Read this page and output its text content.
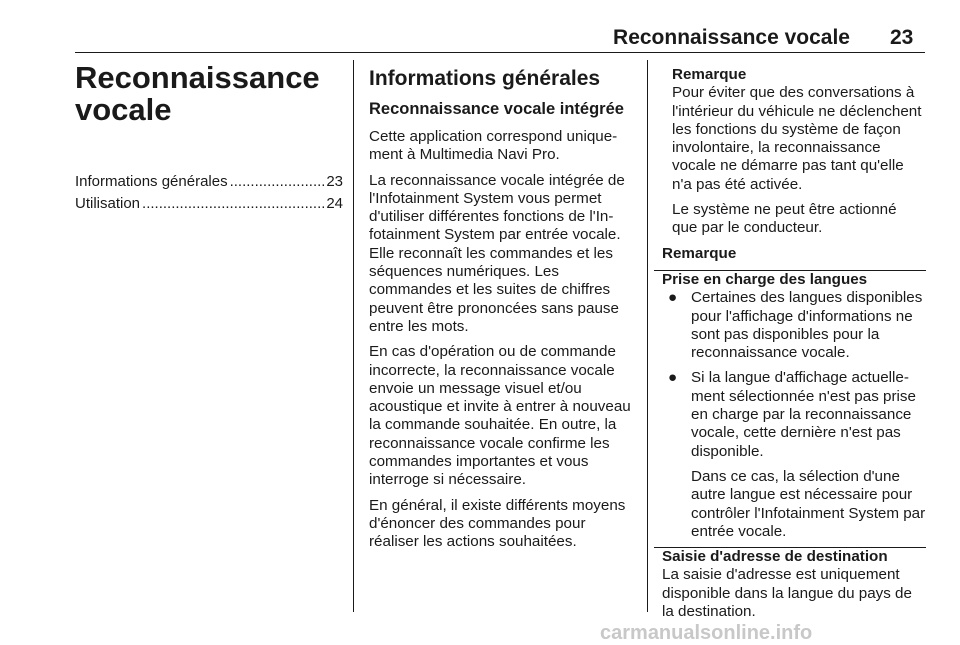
Reconnaissance vocale 23
Reconnaissance vocale
Informations générales .....	23
Utilisation .....	24
Informations générales
Reconnaissance vocale intégrée

Cette application correspond uniquement à Multimedia Navi Pro.

La reconnaissance vocale intégrée de l'Infotainment System vous permet d'utiliser différentes fonctions de l'Infotainment System par entrée vocale. Elle reconnaît les commandes et les séquences numériques. Les commandes et les suites de chiffres peuvent être prononcées sans pause entre les mots.

En cas d'opération ou de commande incorrecte, la reconnaissance vocale envoie un message visuel et/ou acoustique et invite à entrer à nouveau la commande souhaitée. En outre, la reconnaissance vocale confirme les commandes importantes et vous interroge si nécessaire.

En général, il existe différents moyens d'énoncer des commandes pour réaliser les actions souhaitées.

Remarque

Pour éviter que des conversations à l'intérieur du véhicule ne déclenchent les fonctions du système de façon involontaire, la reconnaissance vocale ne démarre pas tant qu'elle n'a pas été activée.

Le système ne peut être actionné que par le conducteur.

Remarque
Prise en charge des langues
● Certaines des langues disponibles pour l'affichage d'informations ne sont pas disponibles pour la reconnaissance vocale.
● Si la langue d'affichage actuellement sélectionnée n'est pas prise en charge par la reconnaissance vocale, cette dernière n'est pas disponible.
Dans ce cas, la sélection d'une autre langue est nécessaire pour contrôler l'Infotainment System par entrée vocale.
Saisie d'adresse de destination
La saisie d'adresse est uniquement disponible dans la langue du pays de la destination.
carmanualsonline.info
